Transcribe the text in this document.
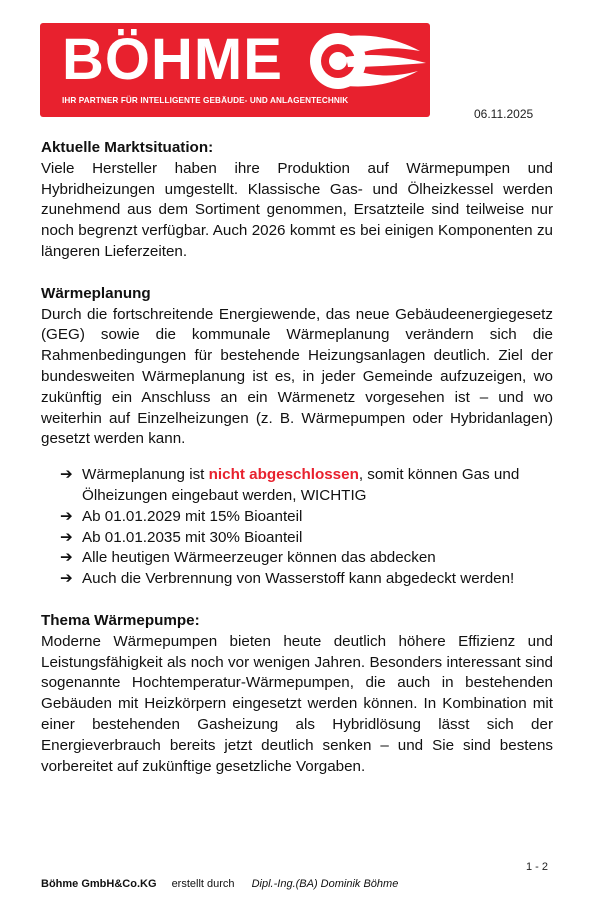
BÖHME
IHR PARTNER FÜR INTELLIGENTE GEBÄUDE- UND ANLAGENTECHNIK
06.11.2025

Aktuelle Marktsituation:

Viele Hersteller haben ihre Produktion auf Wärmepumpen und Hybridheizungen umgestellt. Klassische Gas- und Ölheizkessel werden zunehmend aus dem Sortiment genommen, Ersatzteile sind teilweise nur noch begrenzt verfügbar. Auch 2026 kommt es bei einigen Komponenten zu längeren Lieferzeiten.

Wärmeplanung

Durch die fortschreitende Energiewende, das neue Gebäudeenergiegesetz (GEG) sowie die kommunale Wärmeplanung verändern sich die Rahmenbedingungen für bestehende Heizungsanlagen deutlich. Ziel der bundesweiten Wärmeplanung ist es, in jeder Gemeinde aufzuzeigen, wo zukünftig ein Anschluss an ein Wärmenetz vorgesehen ist – und wo weiterhin auf Einzelheizungen (z. B. Wärmepumpen oder Hybridanlagen) gesetzt werden kann.

➔ Wärmeplanung ist nicht abgeschlossen, somit können Gas und Ölheizungen eingebaut werden, WICHTIG
➔ Ab 01.01.2029 mit 15% Bioanteil
➔ Ab 01.01.2035 mit 30% Bioanteil
➔ Alle heutigen Wärmeerzeuger können das abdecken
➔ Auch die Verbrennung von Wasserstoff kann abgedeckt werden!

Thema Wärmepumpe:

Moderne Wärmepumpen bieten heute deutlich höhere Effizienz und Leistungsfähigkeit als noch vor wenigen Jahren. Besonders interessant sind sogenannte Hochtemperatur-Wärmepumpen, die auch in bestehenden Gebäuden mit Heizkörpern eingesetzt werden können. In Kombination mit einer bestehenden Gasheizung als Hybridlösung lässt sich der Energieverbrauch bereits jetzt deutlich senken – und Sie sind bestens vorbereitet auf zukünftige gesetzliche Vorgaben.

1 - 2
Böhme GmbH&Co.KG erstellt durch Dipl.-Ing.(BA) Dominik Böhme
